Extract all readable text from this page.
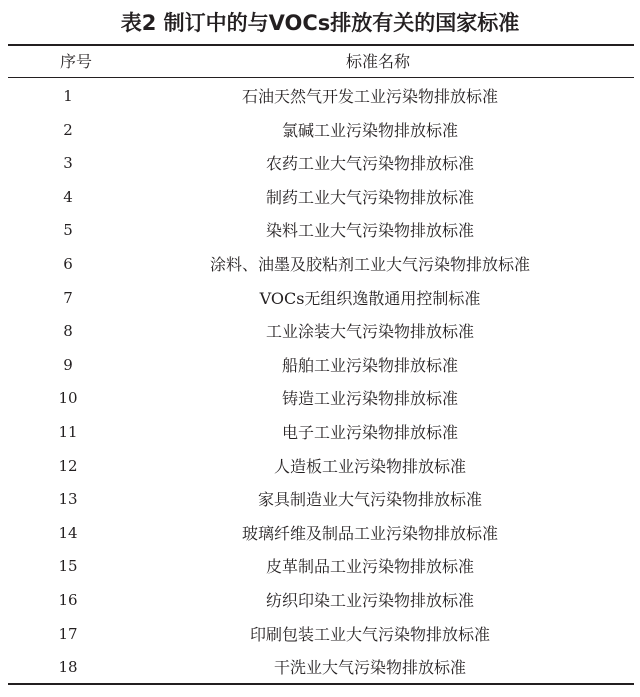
表2 制订中的与VOCs排放有关的国家标准
序号	标准名称
1	石油天然气开发工业污染物排放标准
2	氯碱工业污染物排放标准
3	农药工业大气污染物排放标准
4	制药工业大气污染物排放标准
5	染料工业大气污染物排放标准
6	涂料、油墨及胶粘剂工业大气污染物排放标准
7	VOCs无组织逸散通用控制标准
8	工业涂装大气污染物排放标准
9	船舶工业污染物排放标准
10	铸造工业污染物排放标准
11	电子工业污染物排放标准
12	人造板工业污染物排放标准
13	家具制造业大气污染物排放标准
14	玻璃纤维及制品工业污染物排放标准
15	皮革制品工业污染物排放标准
16	纺织印染工业污染物排放标准
17	印刷包装工业大气污染物排放标准
18	干洗业大气污染物排放标准
